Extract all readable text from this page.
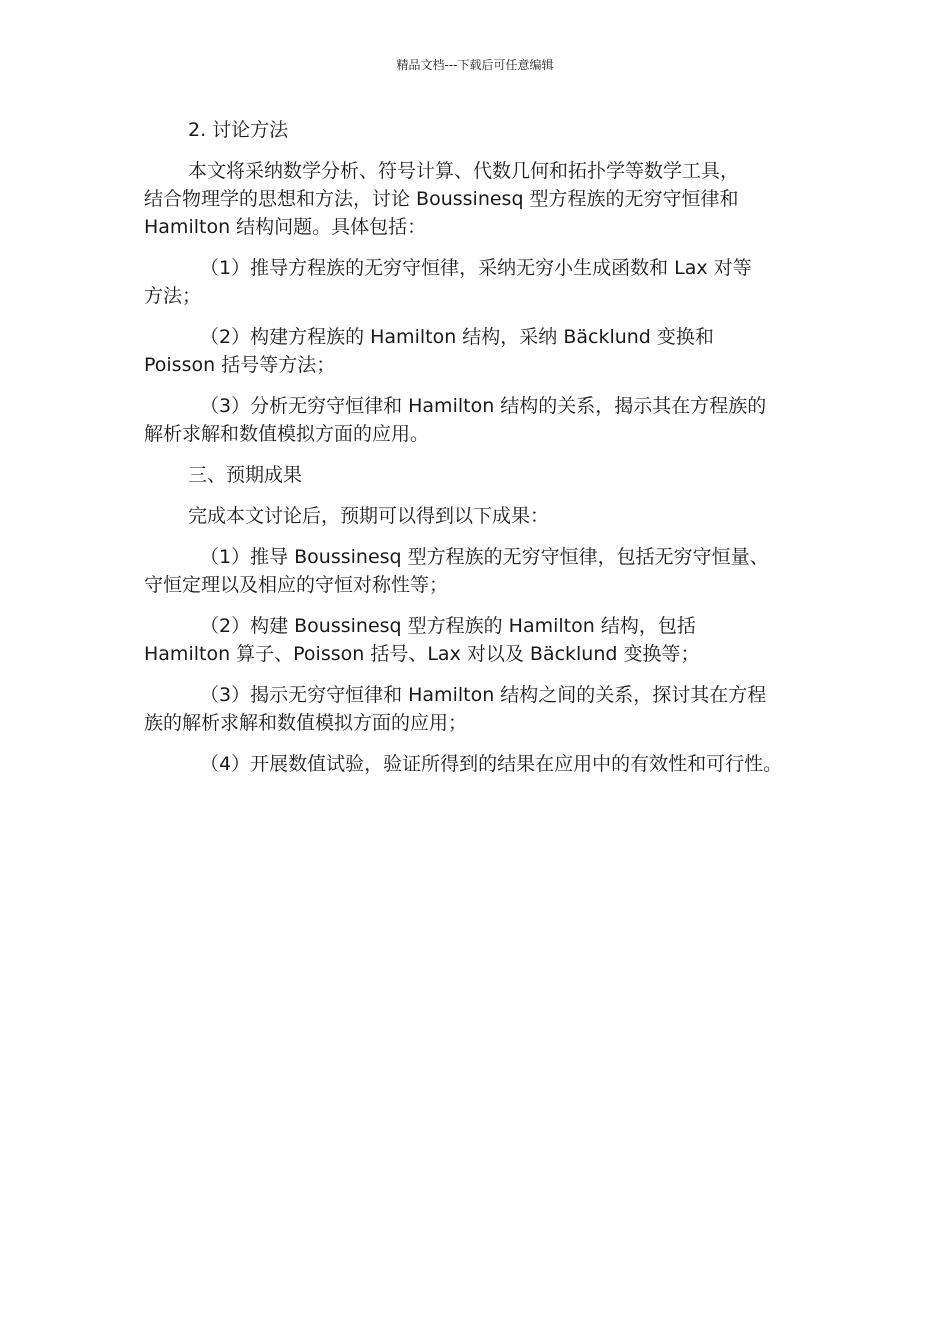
精品文档---下载后可任意编辑

2. 讨论方法

本文将采纳数学分析、符号计算、代数几何和拓扑学等数学工具，
结合物理学的思想和方法，讨论 Boussinesq 型方程族的无穷守恒律和
Hamilton 结构问题。具体包括：

（1）推导方程族的无穷守恒律，采纳无穷小生成函数和 Lax 对等
方法；

（2）构建方程族的 Hamilton 结构，采纳 Bäcklund 变换和
Poisson 括号等方法；

（3）分析无穷守恒律和 Hamilton 结构的关系，揭示其在方程族的
解析求解和数值模拟方面的应用。

三、预期成果

完成本文讨论后，预期可以得到以下成果：

（1）推导 Boussinesq 型方程族的无穷守恒律，包括无穷守恒量、
守恒定理以及相应的守恒对称性等；

（2）构建 Boussinesq 型方程族的 Hamilton 结构，包括
Hamilton 算子、Poisson 括号、Lax 对以及 Bäcklund 变换等；

（3）揭示无穷守恒律和 Hamilton 结构之间的关系，探讨其在方程
族的解析求解和数值模拟方面的应用；

（4）开展数值试验，验证所得到的结果在应用中的有效性和可行性。
